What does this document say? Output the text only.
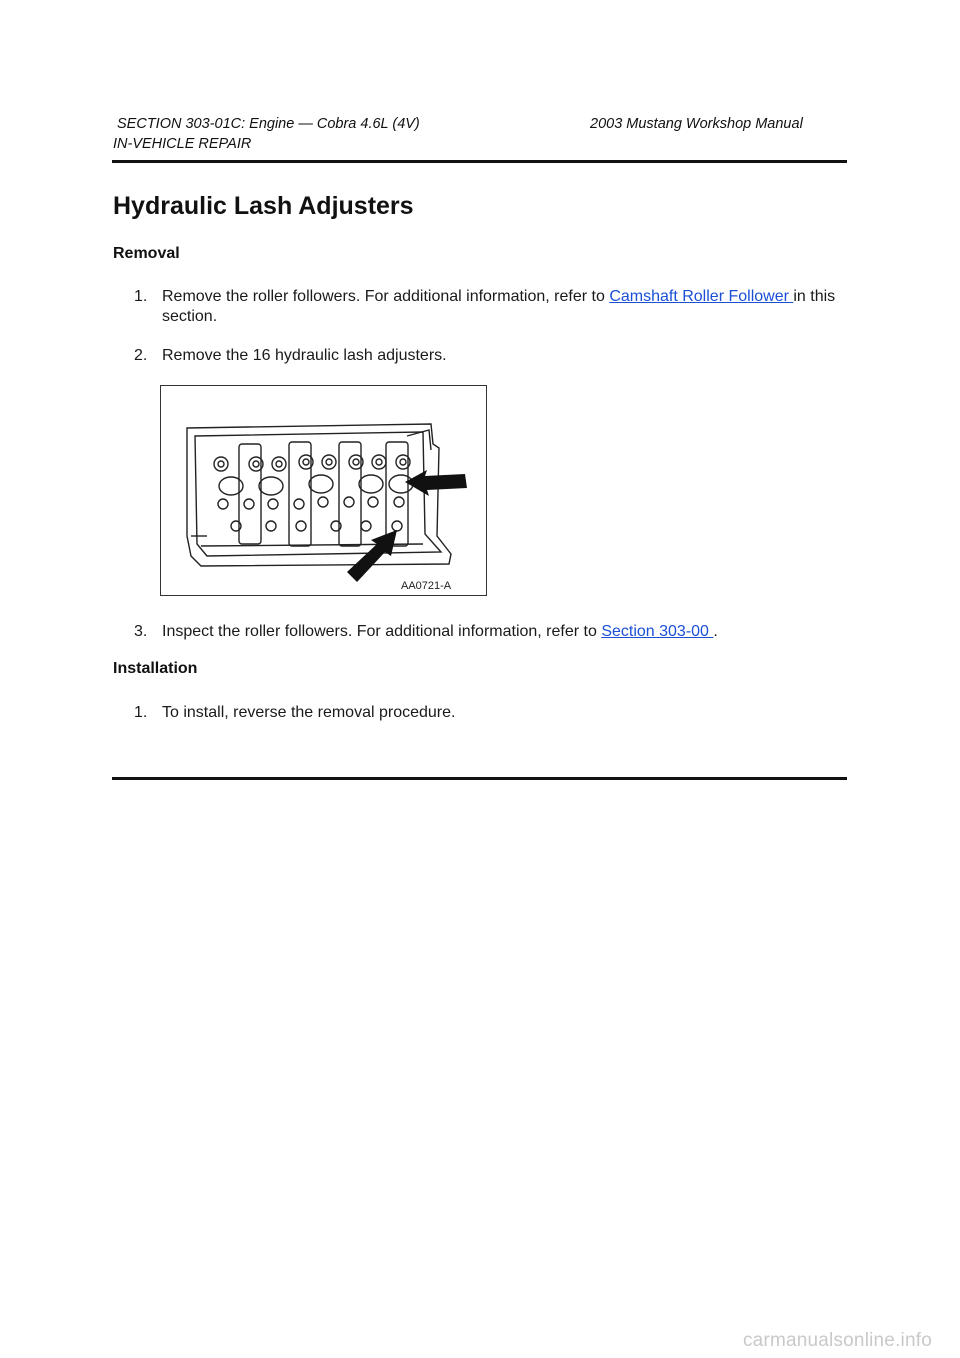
SECTION 303-01C: Engine — Cobra 4.6L (4V)	2003 Mustang Workshop Manual
IN-VEHICLE REPAIR
Hydraulic Lash Adjusters
Removal
1. Remove the roller followers. For additional information, refer to Camshaft Roller Follower in this
section.
2. Remove the 16 hydraulic lash adjusters.
AA0721-A
3. Inspect the roller followers. For additional information, refer to Section 303-00 .
Installation
1. To install, reverse the removal procedure.
carmanualsonline.info
